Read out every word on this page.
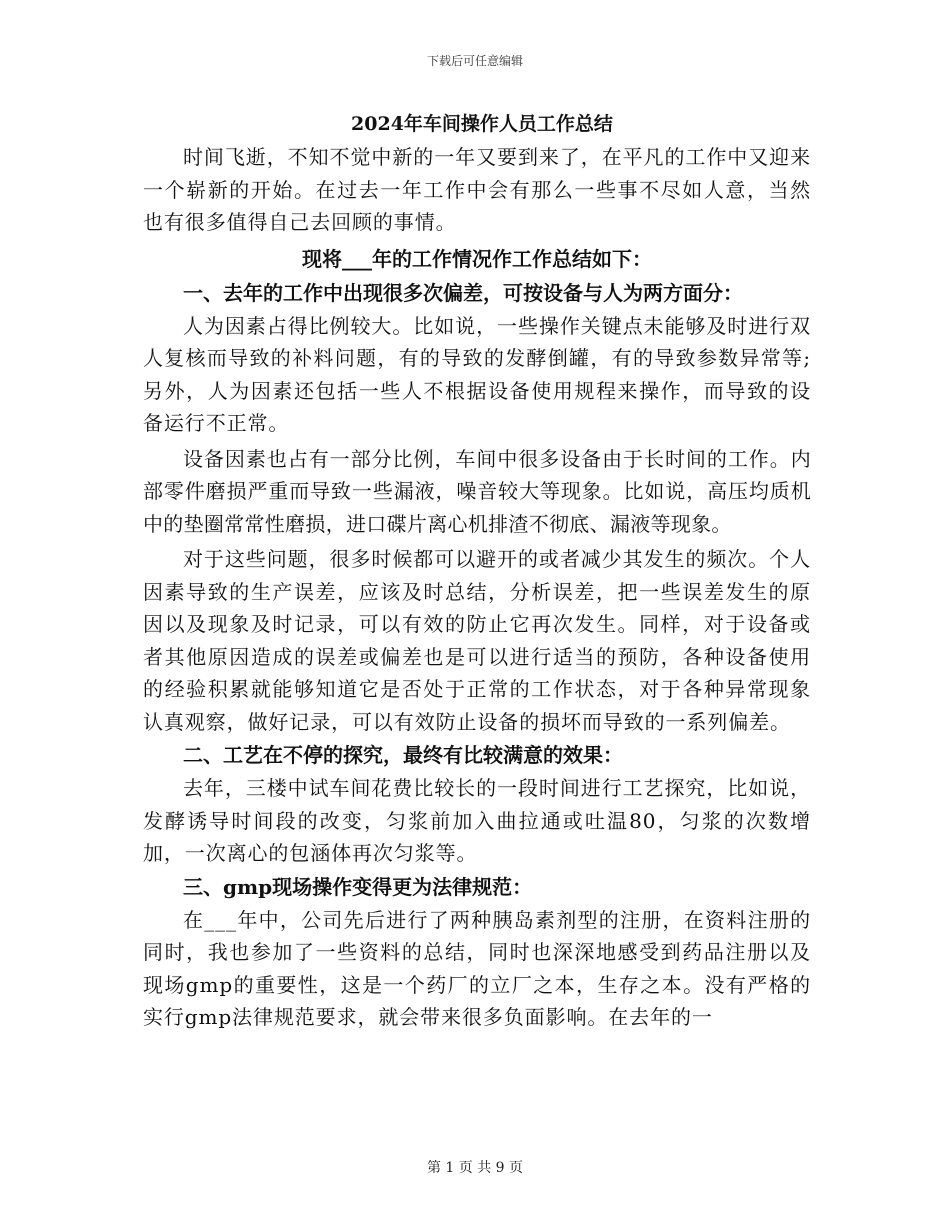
下载后可任意编辑
2024年车间操作人员工作总结

时间飞逝，不知不觉中新的一年又要到来了，在平凡的工作中又迎来一个崭新的开始。在过去一年工作中会有那么一些事不尽如人意，当然也有很多值得自己去回顾的事情。

现将___年的工作情况作工作总结如下：

一、去年的工作中出现很多次偏差，可按设备与人为两方面分：

人为因素占得比例较大。比如说，一些操作关键点未能够及时进行双人复核而导致的补料问题，有的导致的发酵倒罐，有的导致参数异常等;另外，人为因素还包括一些人不根据设备使用规程来操作，而导致的设备运行不正常。

设备因素也占有一部分比例，车间中很多设备由于长时间的工作。内部零件磨损严重而导致一些漏液，噪音较大等现象。比如说，高压均质机中的垫圈常常性磨损，进口碟片离心机排渣不彻底、漏液等现象。

对于这些问题，很多时候都可以避开的或者减少其发生的频次。个人因素导致的生产误差，应该及时总结，分析误差，把一些误差发生的原因以及现象及时记录，可以有效的防止它再次发生。同样，对于设备或者其他原因造成的误差或偏差也是可以进行适当的预防，各种设备使用的经验积累就能够知道它是否处于正常的工作状态，对于各种异常现象认真观察，做好记录，可以有效防止设备的损坏而导致的一系列偏差。

二、工艺在不停的探究，最终有比较满意的效果：

去年，三楼中试车间花费比较长的一段时间进行工艺探究，比如说，发酵诱导时间段的改变，匀浆前加入曲拉通或吐温80，匀浆的次数增加，一次离心的包涵体再次匀浆等。

三、gmp现场操作变得更为法律规范：

在___年中，公司先后进行了两种胰岛素剂型的注册，在资料注册的同时，我也参加了一些资料的总结，同时也深深地感受到药品注册以及现场gmp的重要性，这是一个药厂的立厂之本，生存之本。没有严格的实行gmp法律规范要求，就会带来很多负面影响。在去年的一

第 1 页 共 9 页
